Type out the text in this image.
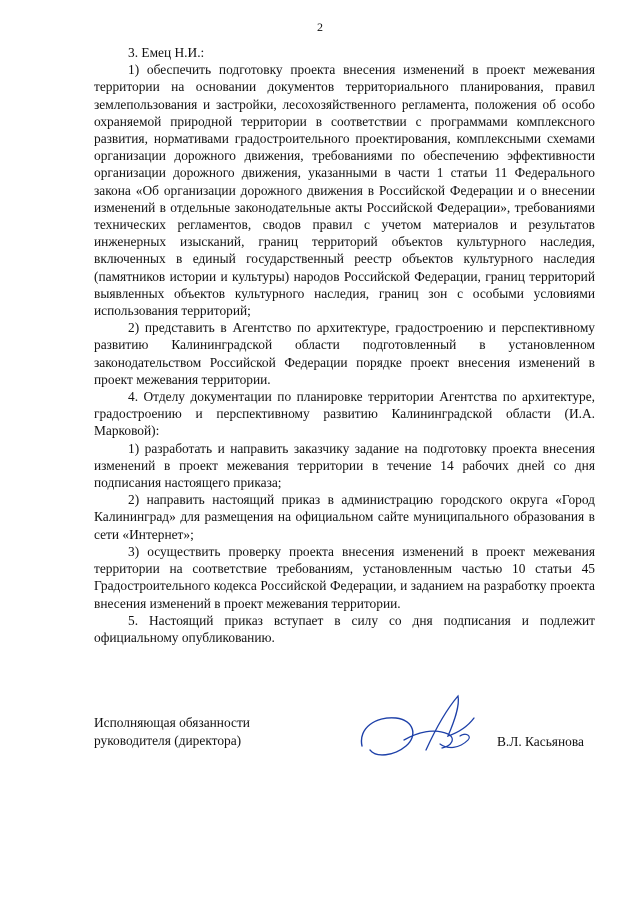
2

3. Емец Н.И.:

1) обеспечить подготовку проекта внесения изменений в проект межевания территории на основании документов территориального планирования, правил землепользования и застройки, лесохозяйственного регламента, положения об особо охраняемой природной территории в соответствии с программами комплексного развития, нормативами градостроительного проектирования, комплексными схемами организации дорожного движения, требованиями по обеспечению эффективности организации дорожного движения, указанными в части 1 статьи 11 Федерального закона «Об организации дорожного движения в Российской Федерации и о внесении изменений в отдельные законодательные акты Российской Федерации», требованиями технических регламентов, сводов правил с учетом материалов и результатов инженерных изысканий, границ территорий объектов культурного наследия, включенных в единый государственный реестр объектов культурного наследия (памятников истории и культуры) народов Российской Федерации, границ территорий выявленных объектов культурного наследия, границ зон с особыми условиями использования территорий;

2) представить в Агентство по архитектуре, градостроению и перспективному развитию Калининградской области подготовленный в установленном законодательством Российской Федерации порядке проект внесения изменений в проект межевания территории.

4. Отделу документации по планировке территории Агентства по архитектуре, градостроению и перспективному развитию Калининградской области (И.А. Марковой):

1) разработать и направить заказчику задание на подготовку проекта внесения изменений в проект межевания территории в течение 14 рабочих дней со дня подписания настоящего приказа;

2) направить настоящий приказ в администрацию городского округа «Город Калининград» для размещения на официальном сайте муниципального образования в сети «Интернет»;

3) осуществить проверку проекта внесения изменений в проект межевания территории на соответствие требованиям, установленным частью 10 статьи 45 Градостроительного кодекса Российской Федерации, и заданием на разработку проекта внесения изменений в проект межевания территории.

5. Настоящий приказ вступает в силу со дня подписания и подлежит официальному опубликованию.

Исполняющая обязанности
руководителя (директора)	В.Л. Касьянова
